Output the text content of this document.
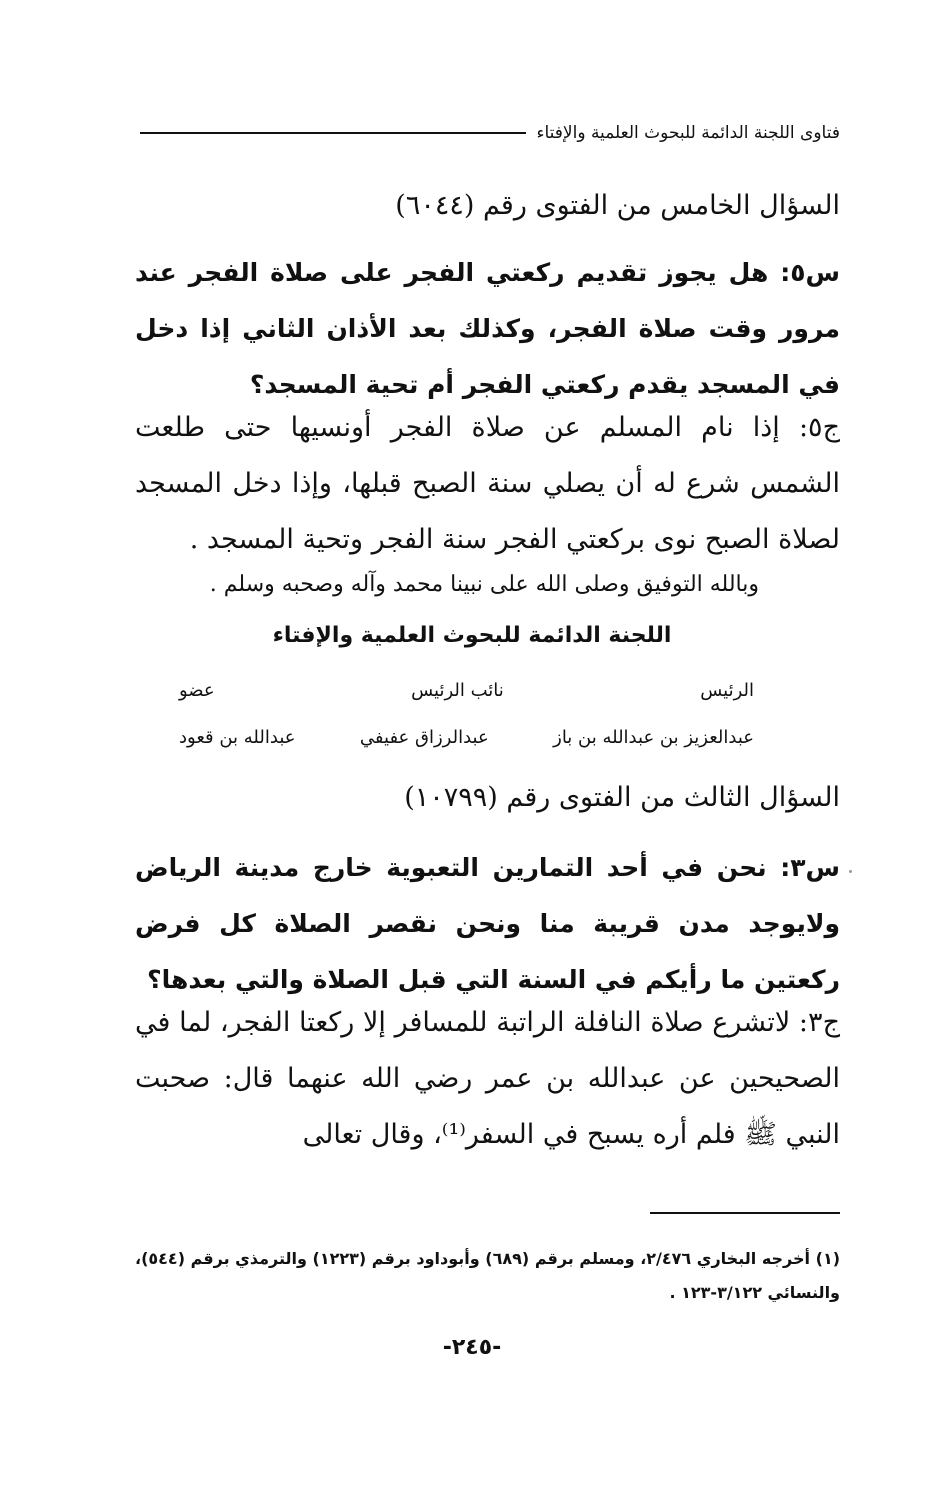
فتاوى اللجنة الدائمة للبحوث العلمية والإفتاء
السؤال الخامس من الفتوى رقم (٦٠٤٤)
س٥: هل يجوز تقديم ركعتي الفجر على صلاة الفجر عند مرور وقت صلاة الفجر، وكذلك بعد الأذان الثاني إذا دخل في المسجد يقدم ركعتي الفجر أم تحية المسجد؟
ج٥: إذا نام المسلم عن صلاة الفجر أونسيها حتى طلعت الشمس شرع له أن يصلي سنة الصبح قبلها، وإذا دخل المسجد لصلاة الصبح نوى بركعتي الفجر سنة الفجر وتحية المسجد .
وبالله التوفيق وصلى الله على نبينا محمد وآله وصحبه وسلم .
اللجنة الدائمة للبحوث العلمية والإفتاء
الرئيس
نائب الرئيس
عضو
عبدالعزيز بن عبدالله بن باز
عبدالرزاق عفيفي
عبدالله بن قعود
السؤال الثالث من الفتوى رقم (١٠٧٩٩)
س٣: نحن في أحد التمارين التعبوية خارج مدينة الرياض ولايوجد مدن قريبة منا ونحن نقصر الصلاة كل فرض ركعتين ما رأيكم في السنة التي قبل الصلاة والتي بعدها؟
ج٣: لاتشرع صلاة النافلة الراتبة للمسافر إلا ركعتا الفجر، لما في الصحيحين عن عبدالله بن عمر رضي الله عنهما قال: صحبت النبي ﷺ فلم أره يسبح في السفر⁽¹⁾، وقال تعالى
(١) أخرجه البخاري ٢/٤٧٦، ومسلم برقم (٦٨٩) وأبوداود برقم (١٢٢٣) والترمذي برقم (٥٤٤)، والنسائي ٣/١٢٢-١٢٣ .
-٢٤٥-
